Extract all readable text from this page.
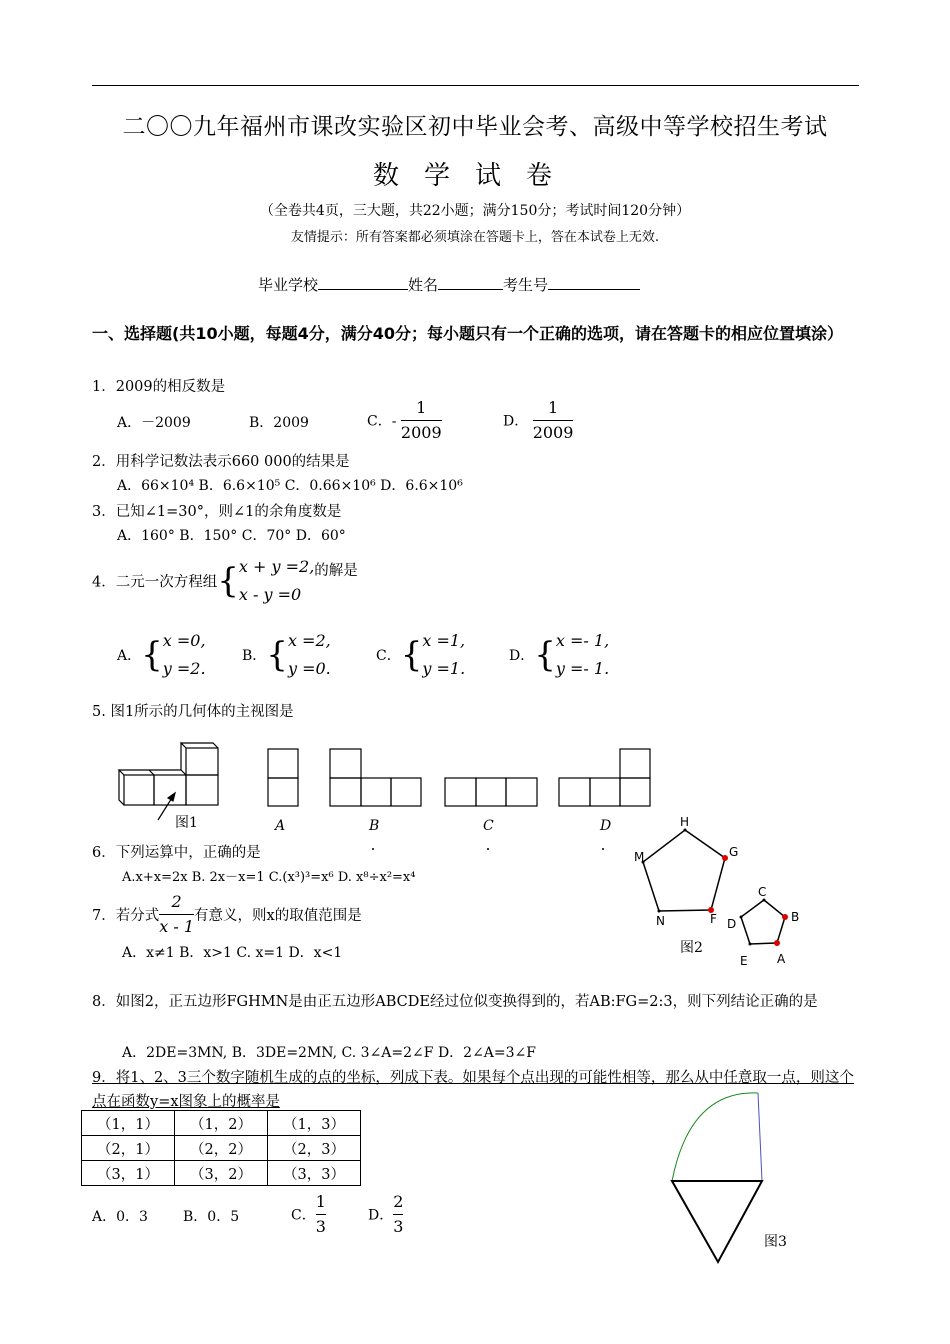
二〇〇九年福州市课改实验区初中毕业会考、高级中等学校招生考试
数学试卷
（全卷共4页，三大题，共22小题；满分150分；考试时间120分钟）
友情提示：所有答案都必须填涂在答题卡上，答在本试卷上无效.
毕业学校	姓名	考生号
一、选择题(共10小题，每题4分，满分40分；每小题只有一个正确的选项，请在答题卡的相应位置填涂）
1．2009的相反数是
A．－2009	B．2009	C．- $\frac{1}{2009}$	D． $\frac{1}{2009}$
2．用科学记数法表示660 000的结果是
A．66×10⁴ B．6.6×10⁵ C．0.66×10⁶ D．6.6×10⁶
3．已知∠1=30°，则∠1的余角度数是
A．160° B．150° C．70° D．60°
4．二元一次方程组{x + y =2,
x - y =0的解是
A．{x =0,
y =2.
B．{x =2,
y =0.
C．{x =1,
y =1.
D．{x =- 1,
y =- 1.
5. 图1所示的几何体的主视图是
图1	A	B	C	D	H
G
M
N	F
C
B
D
E A
图2
6．下列运算中，正确的是
A.x+x=2x B. 2x－x=1 C.(x³)³=x⁶ D. x⁸÷x²=x⁴
7．若分式 $\frac{2}{x - 1}$ 有意义，则x的取值范围是
A．x≠1 B．x>1 C. x=1 D．x<1
8．如图2，正五边形FGHMN是由正五边形ABCDE经过位似变换得到的，若AB:FG=2:3，则下列结论正确的是
A．2DE=3MN, B．3DE=2MN, C. 3∠A=2∠F D．2∠A=3∠F
9．将1、2、3三个数字随机生成的点的坐标，列成下表。如果每个点出现的可能性相等，那么从中任意取一点，则这个点在函数y=x图象上的概率是
（1，1）	（1，2）	（1，3）
（2，1）	（2，2）	（2，3）
（3，1）	（3，2）	（3，3）
A．0．3	B．0．5	C． $\frac{1}{3}$	D． $\frac{2}{3}$
图3
